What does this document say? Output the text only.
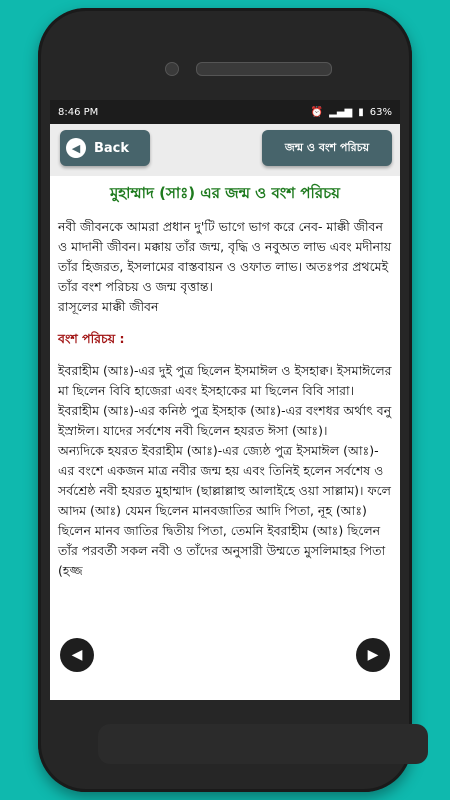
8:46 PM	⏰ ▂▄▆ ▮ 63%
◀	Back	জন্ম ও বংশ পরিচয়
মুহাম্মাদ (সাঃ) এর জন্ম ও বংশ পরিচয়

নবী জীবনকে আমরা প্রধান দু'টি ভাগে ভাগ করে নেব- মাক্কী জীবন ও মাদানী জীবন। মক্কায় তাঁর জন্ম, বৃদ্ধি ও নবুঅত লাভ এবং মদীনায় তাঁর হিজরত, ইসলামের বাস্তবায়ন ও ওফাত লাভ। অতঃপর প্রথমেই তাঁর বংশ পরিচয় ও জন্ম বৃত্তান্ত।

রাসূলের মাক্কী জীবন

বংশ পরিচয় :

ইবরাহীম (আঃ)-এর দুই পুত্র ছিলেন ইসমাঈল ও ইসহাক্ব। ইসমাঈলের মা ছিলেন বিবি হাজেরা এবং ইসহাকের মা ছিলেন বিবি সারা। ইবরাহীম (আঃ)-এর কনিষ্ঠ পুত্র ইসহাক (আঃ)-এর বংশধর অর্থাৎ বনু ইস্রাঈল। যাদের সর্বশেষ নবী ছিলেন হযরত ঈসা (আঃ)।

অন্যদিকে হযরত ইবরাহীম (আঃ)-এর জ্যেষ্ঠ পুত্র ইসমাঈল (আঃ)-এর বংশে একজন মাত্র নবীর জন্ম হয় এবং তিনিই হলেন সর্বশেষ ও সর্বশ্রেষ্ঠ নবী হযরত মুহাম্মাদ (ছাল্লাল্লাহু আলাইহে ওয়া সাল্লাম)। ফলে আদম (আঃ) যেমন ছিলেন মানবজাতির আদি পিতা, নূহ (আঃ) ছিলেন মানব জাতির দ্বিতীয় পিতা, তেমনি ইবরাহীম (আঃ) ছিলেন তাঁর পরবর্তী সকল নবী ও তাঁদের অনুসারী উম্মতে মুসলিমাহর পিতা (হজ্জ

◀	▶
